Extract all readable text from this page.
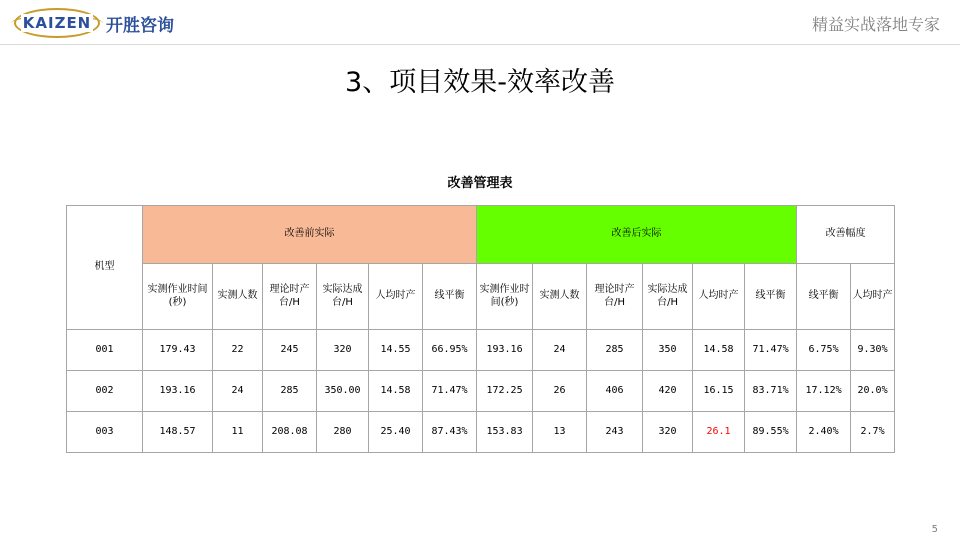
KAIZEN 开胜咨询	精益实战落地专家
3、项目效果-效率改善
改善管理表
机型	改善前实际						改善后实际						改善幅度	
	实测作业时间(秒)	实测人数	理论时产台/H	实际达成台/H	人均时产	线平衡	实测作业时间(秒)	实测人数	理论时产台/H	实际达成台/H	人均时产	线平衡	线平衡	人均时产
001	179.43	22	245	320	14.55	66.95%	193.16	24	285	350	14.58	71.47%	6.75%	9.30%
002	193.16	24	285	350.00	14.58	71.47%	172.25	26	406	420	16.15	83.71%	17.12%	20.0%
003	148.57	11	208.08	280	25.40	87.43%	153.83	13	243	320	26.1	89.55%	2.40%	2.7%
5
